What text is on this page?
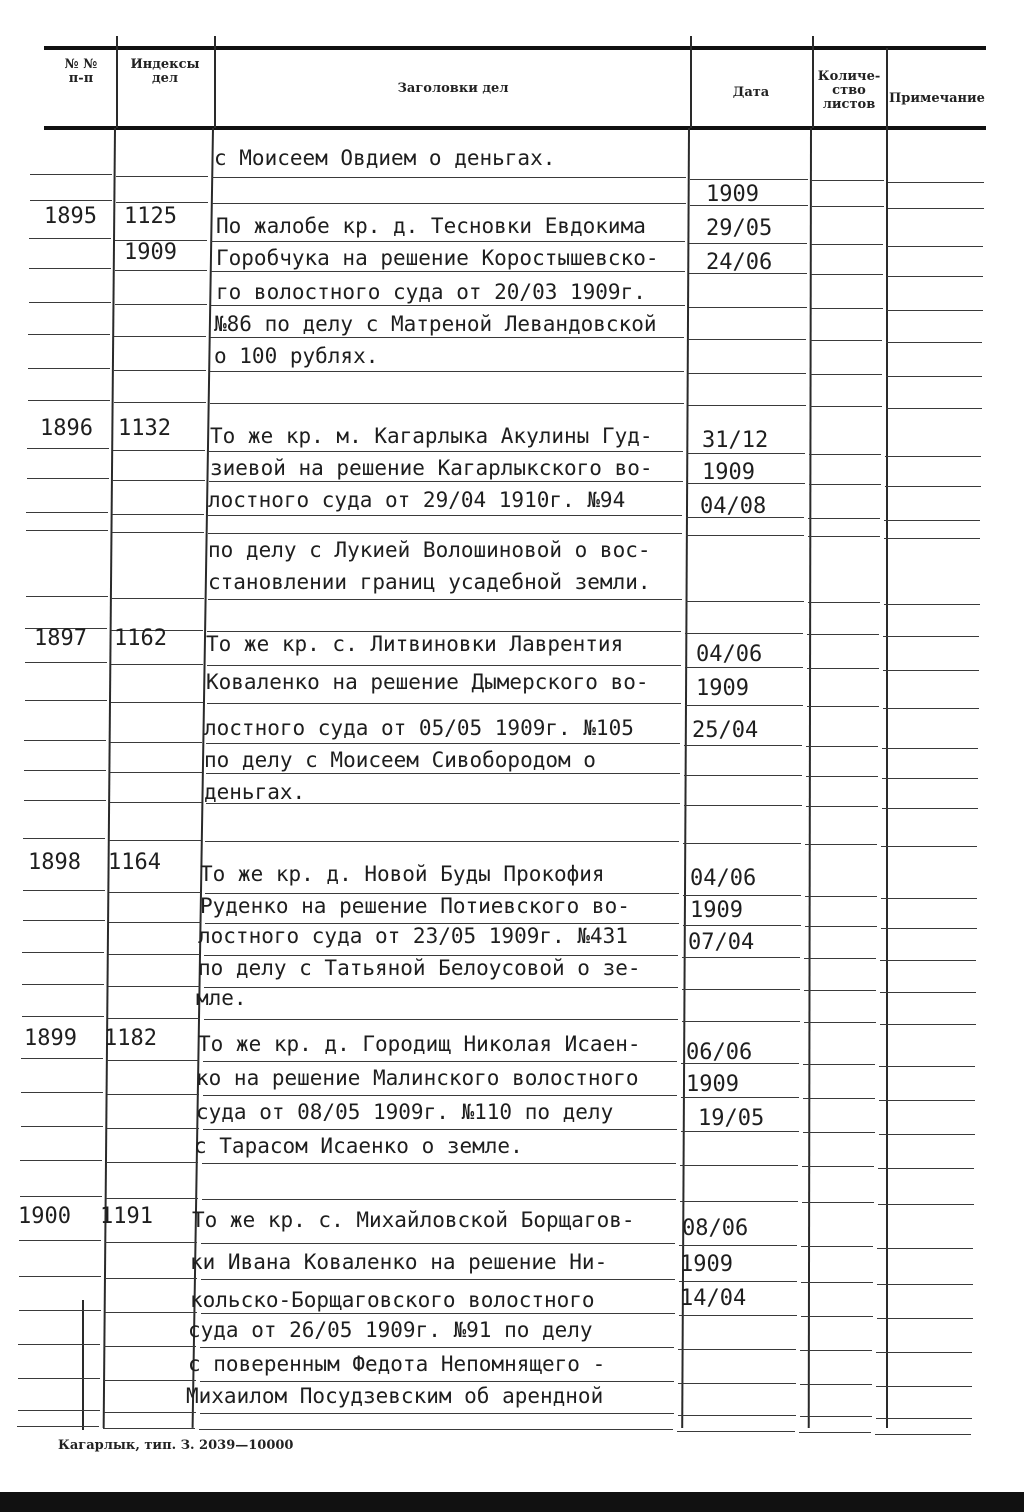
№ №
п-п
Индексы
дел
Заголовки дел	Дата
Количе-
ство
листов	Примечание
с Моисеем Овдием о деньгах.
1909
1895 1125
1909
По жалобе кр. д. Тесновки Евдокима
Горобчука на решение Коростышевско-
го волостного суда от 20/03 1909г.
№86 по делу с Матреной Левандовской
о 100 рублях.
29/05
24/06
1896 1132 То же кр. м. Кагарлыка Акулины Гуд-
зиевой на решение Кагарлыкского во-
лостного суда от 29/04 1910г. №94
по делу с Лукией Волошиновой о вос-
становлении границ усадебной земли.
31/12
1909
04/08
1897 1162 То же кр. с. Литвиновки Лаврентия
Коваленко на решение Дымерского во-
лостного суда от 05/05 1909г. №105
по делу с Моисеем Сивобородом о
деньгах.
04/06
1909
25/04
1898 1164 То же кр. д. Новой Буды Прокофия
Руденко на решение Потиевского во-
лостного суда от 23/05 1909г. №431
по делу с Татьяной Белоусовой о зе-
мле.
04/06
1909
07/04
1899 1182 То же кр. д. Городищ Николая Исаен-
ко на решение Малинского волостного
суда от 08/05 1909г. №110 по делу
с Тарасом Исаенко о земле.
06/06
1909
19/05
1900 1191 То же кр. с. Михайловской Борщагов-
ки Ивана Коваленко на решение Ни-
кольско-Борщаговского волостного
суда от 26/05 1909г. №91 по делу
с поверенным Федота Непомнящего -
Михаилом Посудзевским об арендной
08/06
1909
14/04
Кагарлык, тип. З. 2039—10000
